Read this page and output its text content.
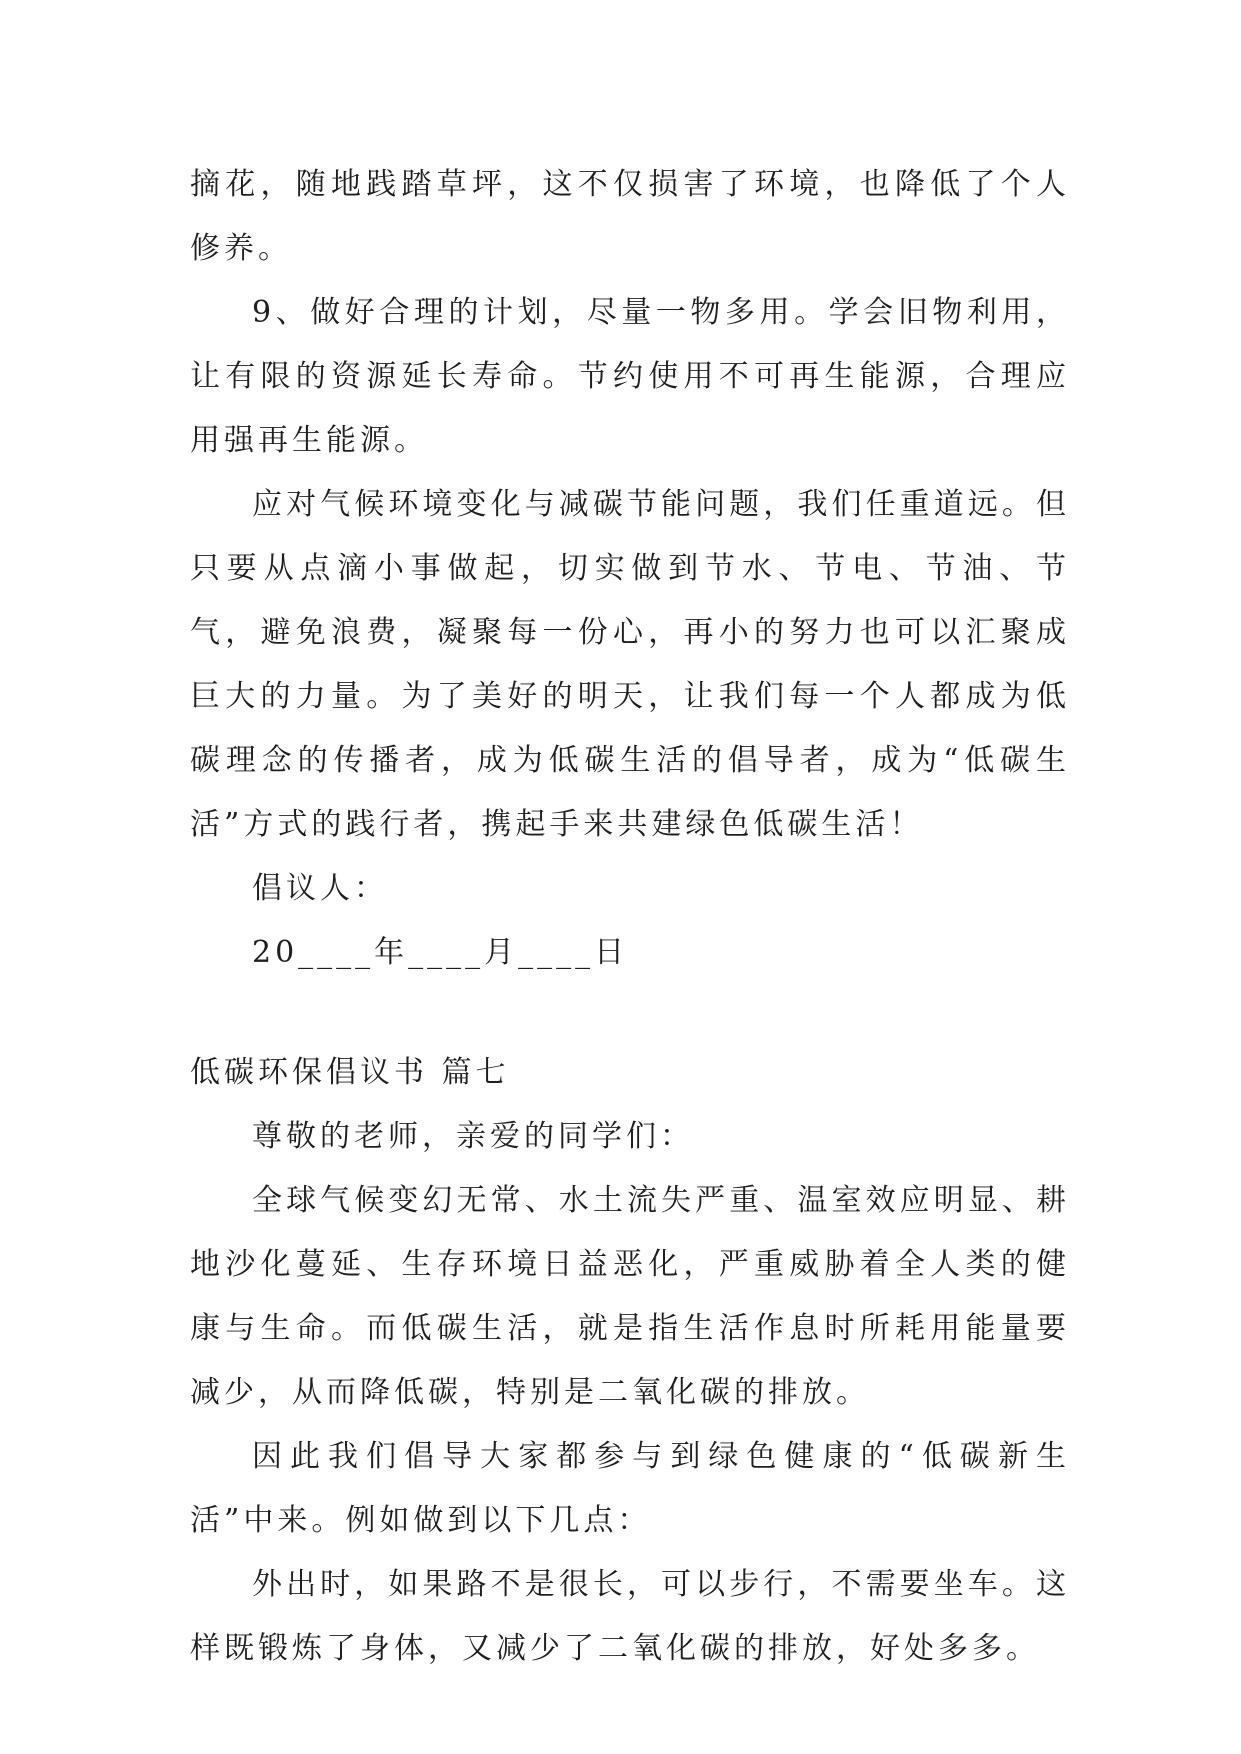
摘花，随地践踏草坪，这不仅损害了环境，也降低了个人修养。

9、做好合理的计划，尽量一物多用。学会旧物利用，让有限的资源延长寿命。节约使用不可再生能源，合理应用强再生能源。

应对气候环境变化与减碳节能问题，我们任重道远。但只要从点滴小事做起，切实做到节水、节电、节油、节气，避免浪费，凝聚每一份心，再小的努力也可以汇聚成巨大的力量。为了美好的明天，让我们每一个人都成为低碳理念的传播者，成为低碳生活的倡导者，成为“低碳生活”方式的践行者，携起手来共建绿色低碳生活！

倡议人：

20____年____月____日

低碳环保倡议书 篇七

尊敬的老师，亲爱的同学们：

全球气候变幻无常、水土流失严重、温室效应明显、耕地沙化蔓延、生存环境日益恶化，严重威胁着全人类的健康与生命。而低碳生活，就是指生活作息时所耗用能量要减少，从而降低碳，特别是二氧化碳的排放。

因此我们倡导大家都参与到绿色健康的“低碳新生活”中来。例如做到以下几点：

外出时，如果路不是很长，可以步行，不需要坐车。这样既锻炼了身体，又减少了二氧化碳的排放，好处多多。
